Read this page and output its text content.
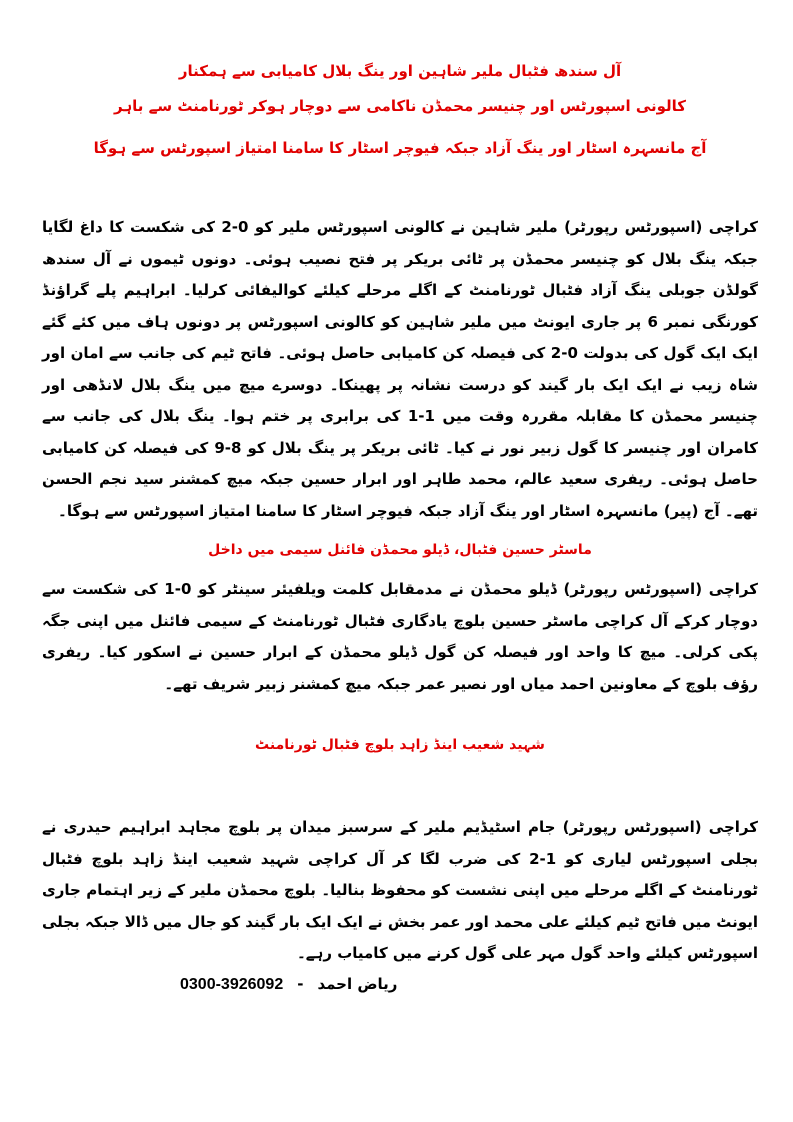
آل سندھ فٹبال ملیر شاہین اور ینگ بلال کامیابی سے ہمکنار
کالونی اسپورٹس اور چنیسر محمڈن ناکامی سے دوچار ہوکر ٹورنامنٹ سے باہر
آج مانسہرہ اسٹار اور ینگ آزاد جبکہ فیوچر اسٹار کا سامنا امتیاز اسپورٹس سے ہوگا
کراچی (اسپورٹس رپورٹر) ملیر شاہین نے کالونی اسپورٹس ملیر کو 0-2 کی شکست کا داغ لگایا جبکہ ینگ بلال کو چنیسر محمڈن پر ٹائی بریکر پر فتح نصیب ہوئی۔ دونوں ٹیموں نے آل سندھ گولڈن جوبلی ینگ آزاد فٹبال ٹورنامنٹ کے اگلے مرحلے کیلئے کوالیفائی کرلیا۔ ابراہیم پلے گراؤنڈ کورنگی نمبر 6 پر جاری ایونٹ میں ملیر شاہین کو کالونی اسپورٹس پر دونوں ہاف میں کئے گئے ایک ایک گول کی بدولت 0-2 کی فیصلہ کن کامیابی حاصل ہوئی۔ فاتح ٹیم کی جانب سے امان اور شاہ زیب نے ایک ایک بار گیند کو درست نشانہ پر پھینکا۔ دوسرے میچ میں ینگ بلال لانڈھی اور چنیسر محمڈن کا مقابلہ مقررہ وقت میں 1-1 کی برابری پر ختم ہوا۔ ینگ بلال کی جانب سے کامران اور چنیسر کا گول زبیر نور نے کیا۔ ٹائی بریکر پر ینگ بلال کو 8-9 کی فیصلہ کن کامیابی حاصل ہوئی۔ ریفری سعید عالم، محمد طاہر اور ابرار حسین جبکہ میچ کمشنر سید نجم الحسن تھے۔ آج (پیر) مانسہرہ اسٹار اور ینگ آزاد جبکہ فیوچر اسٹار کا سامنا امتیاز اسپورٹس سے ہوگا۔
ماسٹر حسین فٹبال، ڈیلو محمڈن فائنل سیمی میں داخل
کراچی (اسپورٹس رپورٹر) ڈیلو محمڈن نے مدمقابل کلمت ویلفیئر سینٹر کو 0-1 کی شکست سے دوچار کرکے آل کراچی ماسٹر حسین بلوچ یادگاری فٹبال ٹورنامنٹ کے سیمی فائنل میں اپنی جگہ پکی کرلی۔ میچ کا واحد اور فیصلہ کن گول ڈیلو محمڈن کے ابرار حسین نے اسکور کیا۔ ریفری رؤف بلوچ کے معاونین احمد میاں اور نصیر عمر جبکہ میچ کمشنر زبیر شریف تھے۔
شہید شعیب اینڈ زاہد بلوچ فٹبال ٹورنامنٹ
کراچی (اسپورٹس رپورٹر) جام اسٹیڈیم ملیر کے سرسبز میدان پر بلوچ مجاہد ابراہیم حیدری نے بجلی اسپورٹس لیاری کو 1-2 کی ضرب لگا کر آل کراچی شہید شعیب اینڈ زاہد بلوچ فٹبال ٹورنامنٹ کے اگلے مرحلے میں اپنی نشست کو محفوظ بنالیا۔ بلوچ محمڈن ملیر کے زیر اہتمام جاری ایونٹ میں فاتح ٹیم کیلئے علی محمد اور عمر بخش نے ایک ایک بار گیند کو جال میں ڈالا جبکہ بجلی اسپورٹس کیلئے واحد گول مہر علی گول کرنے میں کامیاب رہے۔
0300-3926092 - ریاض احمد
